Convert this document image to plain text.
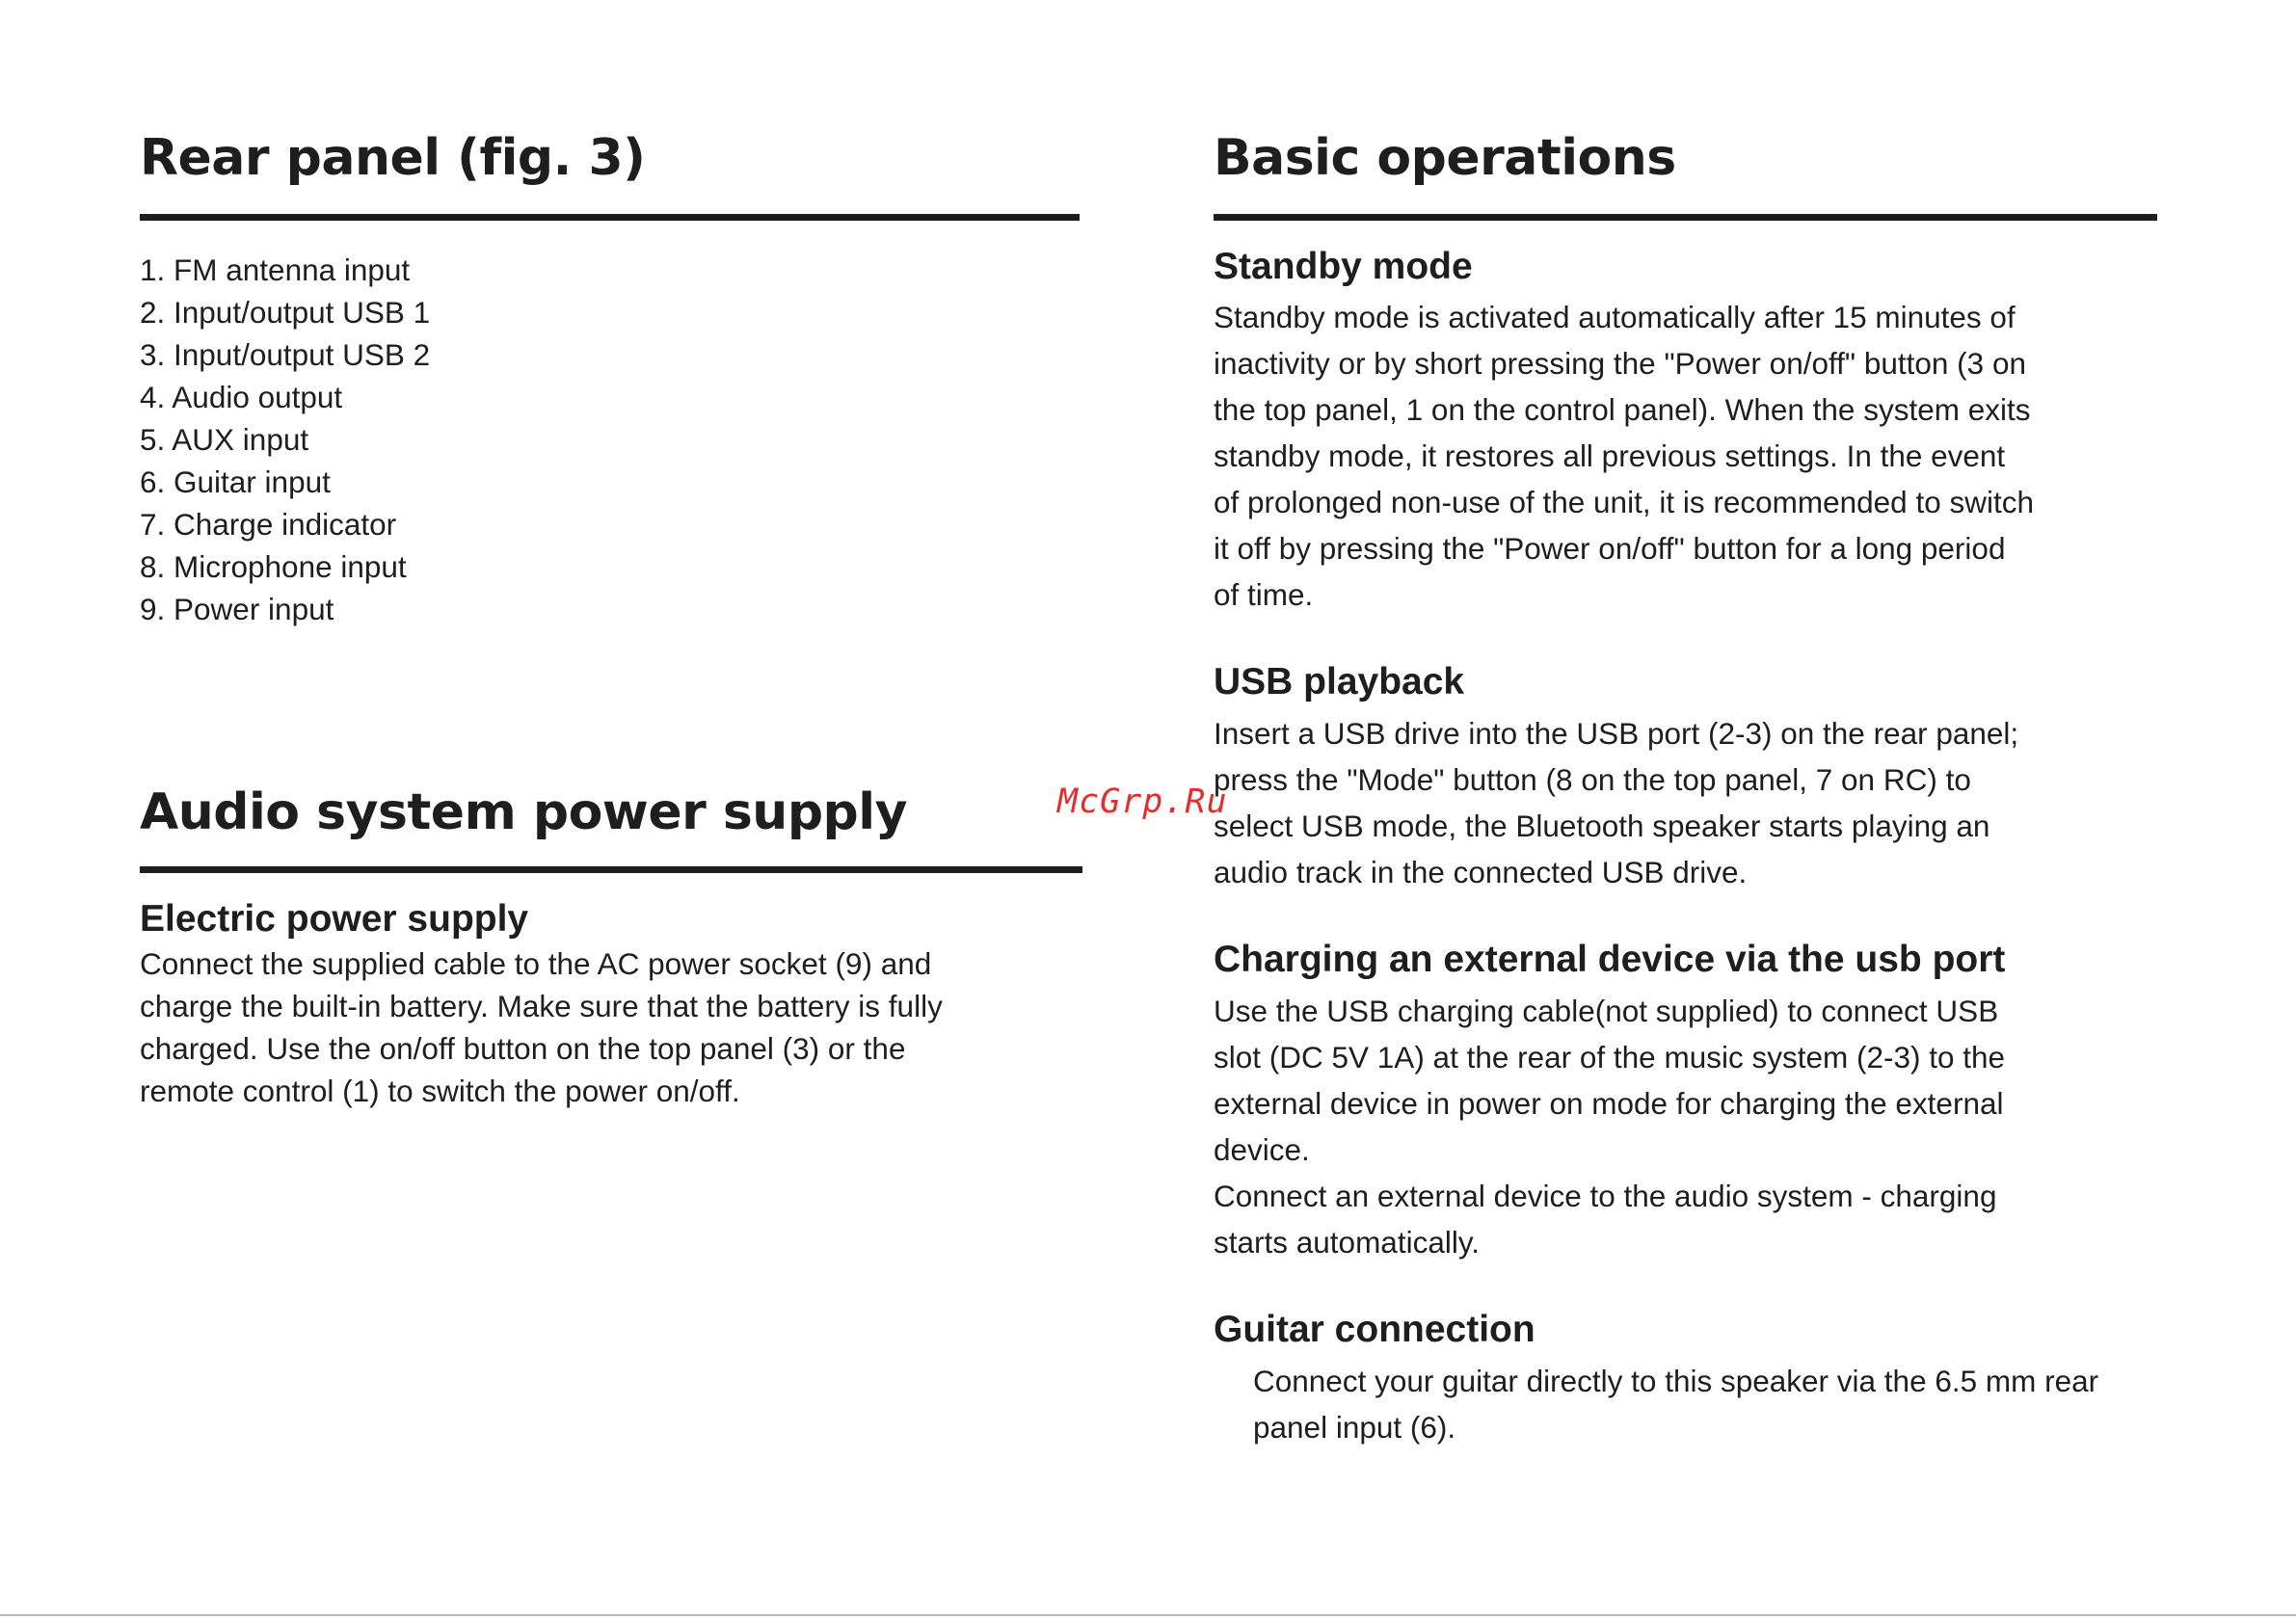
Rear panel (fig. 3)
1. FM antenna input
2. Input/output USB 1
3. Input/output USB 2
4. Audio output
5. AUX input
6. Guitar input
7. Charge indicator
8. Microphone input
9. Power input
Audio system power supply
Electric power supply
Connect the supplied cable to the AC power socket (9) and
charge the built-in battery. Make sure that the battery is fully
charged. Use the on/off button on the top panel (3) or the
remote control (1) to switch the power on/off.
Basic operations
Standby mode
Standby mode is activated automatically after 15 minutes of
inactivity or by short pressing the "Power on/off" button (3 on
the top panel, 1 on the control panel). When the system exits
standby mode, it restores all previous settings. In the event
of prolonged non-use of the unit, it is recommended to switch
it off by pressing the "Power on/off" button for a long period
of time.
USB playback
Insert a USB drive into the USB port (2-3) on the rear panel;
press the "Mode" button (8 on the top panel, 7 on RC) to
select USB mode, the Bluetooth speaker starts playing an
audio track in the connected USB drive.
Charging an external device via the usb port
Use the USB charging cable(not supplied) to connect USB
slot (DC 5V 1A) at the rear of the music system (2-3) to the
external device in power on mode for charging the external
device.
Connect an external device to the audio system - charging
starts automatically.
Guitar connection
Connect your guitar directly to this speaker via the 6.5 mm rear
panel input (6).
McGrp.Ru
